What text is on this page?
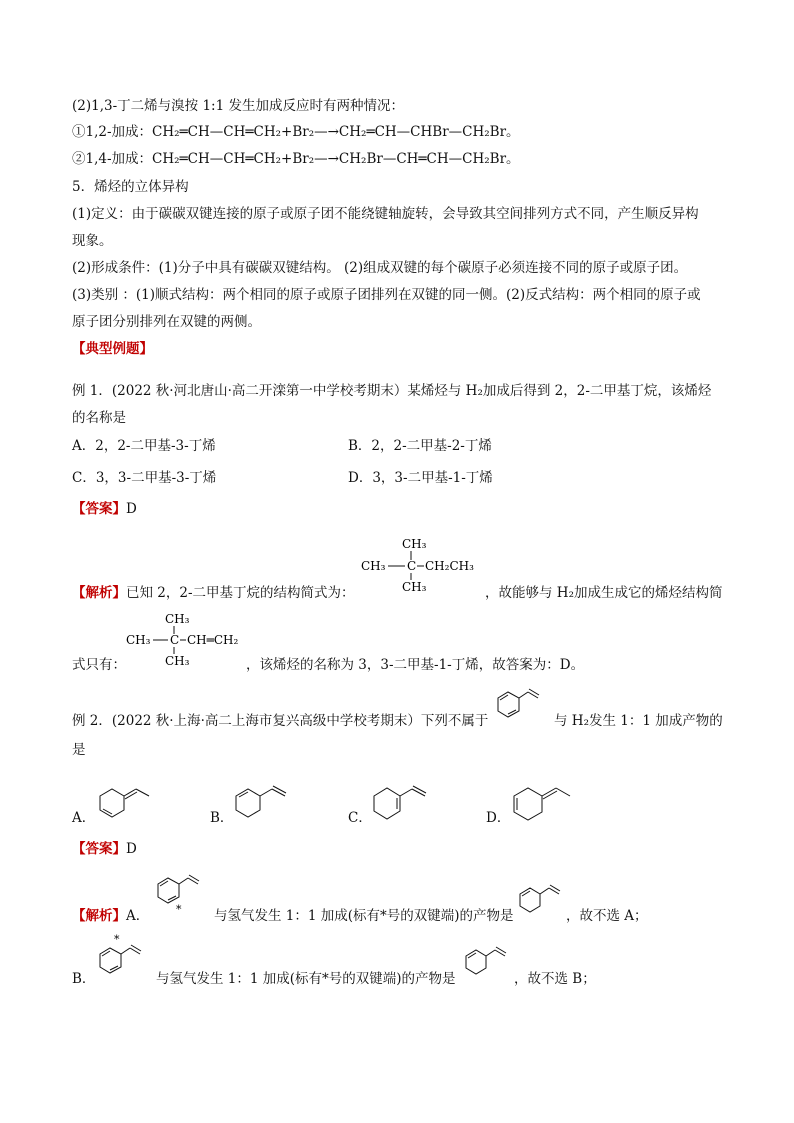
(2)1,3-丁二烯与溴按 1:1 发生加成反应时有两种情况：
①1,2-加成：CH₂═CH—CH═CH₂+Br₂—→CH₂═CH—CHBr—CH₂Br。
②1,4-加成：CH₂═CH—CH═CH₂+Br₂—→CH₂Br—CH═CH—CH₂Br。
5．烯烃的立体异构
(1)定义：由于碳碳双键连接的原子或原子团不能绕键轴旋转，会导致其空间排列方式不同，产生顺反异构
现象。
(2)形成条件：(1)分子中具有碳碳双键结构。 (2)组成双键的每个碳原子必须连接不同的原子或原子团。
(3)类别 ：(1)顺式结构：两个相同的原子或原子团排列在双键的同一侧。(2)反式结构：两个相同的原子或
原子团分别排列在双键的两侧。
【典型例题】
例 1．(2022 秋·河北唐山·高二开滦第一中学校考期末）某烯烃与 H₂加成后得到 2，2-二甲基丁烷，该烯烃
的名称是
A．2，2-二甲基-3-丁烯	B．2，2-二甲基-2-丁烯
C．3，3-二甲基-3-丁烯	D．3，3-二甲基-1-丁烯
【答案】D
CH₃
CH₃ C CH₂CH₃
CH₃
【解析】已知 2，2-二甲基丁烷的结构简式为：	，故能够与 H₂加成生成它的烯烃结构简
CH₃
CH₃ C CH═CH₂
CH₃
式只有：	，该烯烃的名称为 3，3-二甲基-1-丁烯，故答案为：D。
例 2．(2022 秋·上海·高二上海市复兴高级中学校考期末）下列不属于	与 H₂发生 1：1 加成产物的
是
A．	B．	C．	D．
【答案】D
【解析】A． * 与氢气发生 1：1 加成(标有*号的双键端)的产物是	，故不选 A；
B．
*
与氢气发生 1：1 加成(标有*号的双键端)的产物是	，故不选 B；
